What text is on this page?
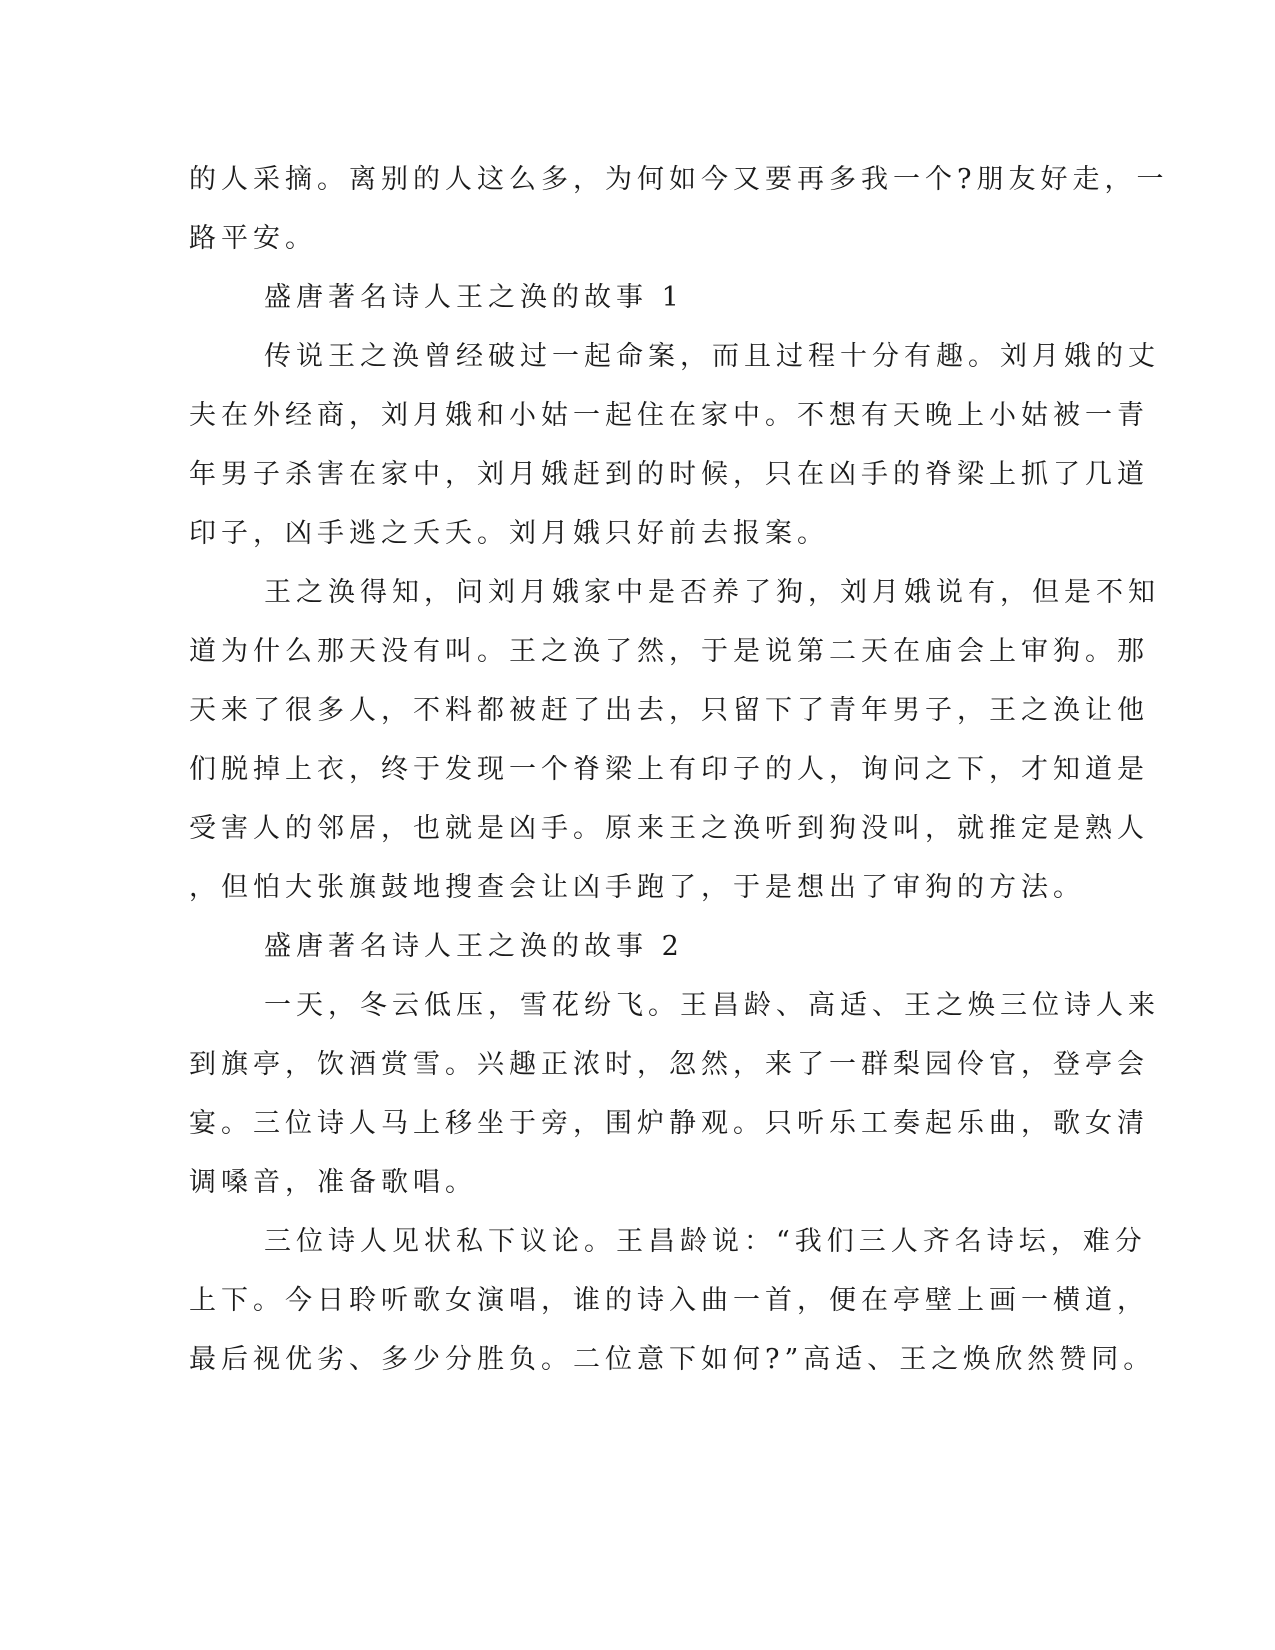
的人采摘。离别的人这么多，为何如今又要再多我一个?朋友好走，一
路平安。
盛唐著名诗人王之涣的故事 1
传说王之涣曾经破过一起命案，而且过程十分有趣。刘月娥的丈
夫在外经商，刘月娥和小姑一起住在家中。不想有天晚上小姑被一青
年男子杀害在家中，刘月娥赶到的时候，只在凶手的脊梁上抓了几道
印子，凶手逃之夭夭。刘月娥只好前去报案。
王之涣得知，问刘月娥家中是否养了狗，刘月娥说有，但是不知
道为什么那天没有叫。王之涣了然，于是说第二天在庙会上审狗。那
天来了很多人，不料都被赶了出去，只留下了青年男子，王之涣让他
们脱掉上衣，终于发现一个脊梁上有印子的人，询问之下，才知道是
受害人的邻居，也就是凶手。原来王之涣听到狗没叫，就推定是熟人
，但怕大张旗鼓地搜查会让凶手跑了，于是想出了审狗的方法。
盛唐著名诗人王之涣的故事 2
一天，冬云低压，雪花纷飞。王昌龄、高适、王之焕三位诗人来
到旗亭，饮酒赏雪。兴趣正浓时，忽然，来了一群梨园伶官，登亭会
宴。三位诗人马上移坐于旁，围炉静观。只听乐工奏起乐曲，歌女清
调嗓音，准备歌唱。
三位诗人见状私下议论。王昌龄说：“我们三人齐名诗坛，难分
上下。今日聆听歌女演唱，谁的诗入曲一首，便在亭壁上画一横道，
最后视优劣、多少分胜负。二位意下如何?”高适、王之焕欣然赞同。
